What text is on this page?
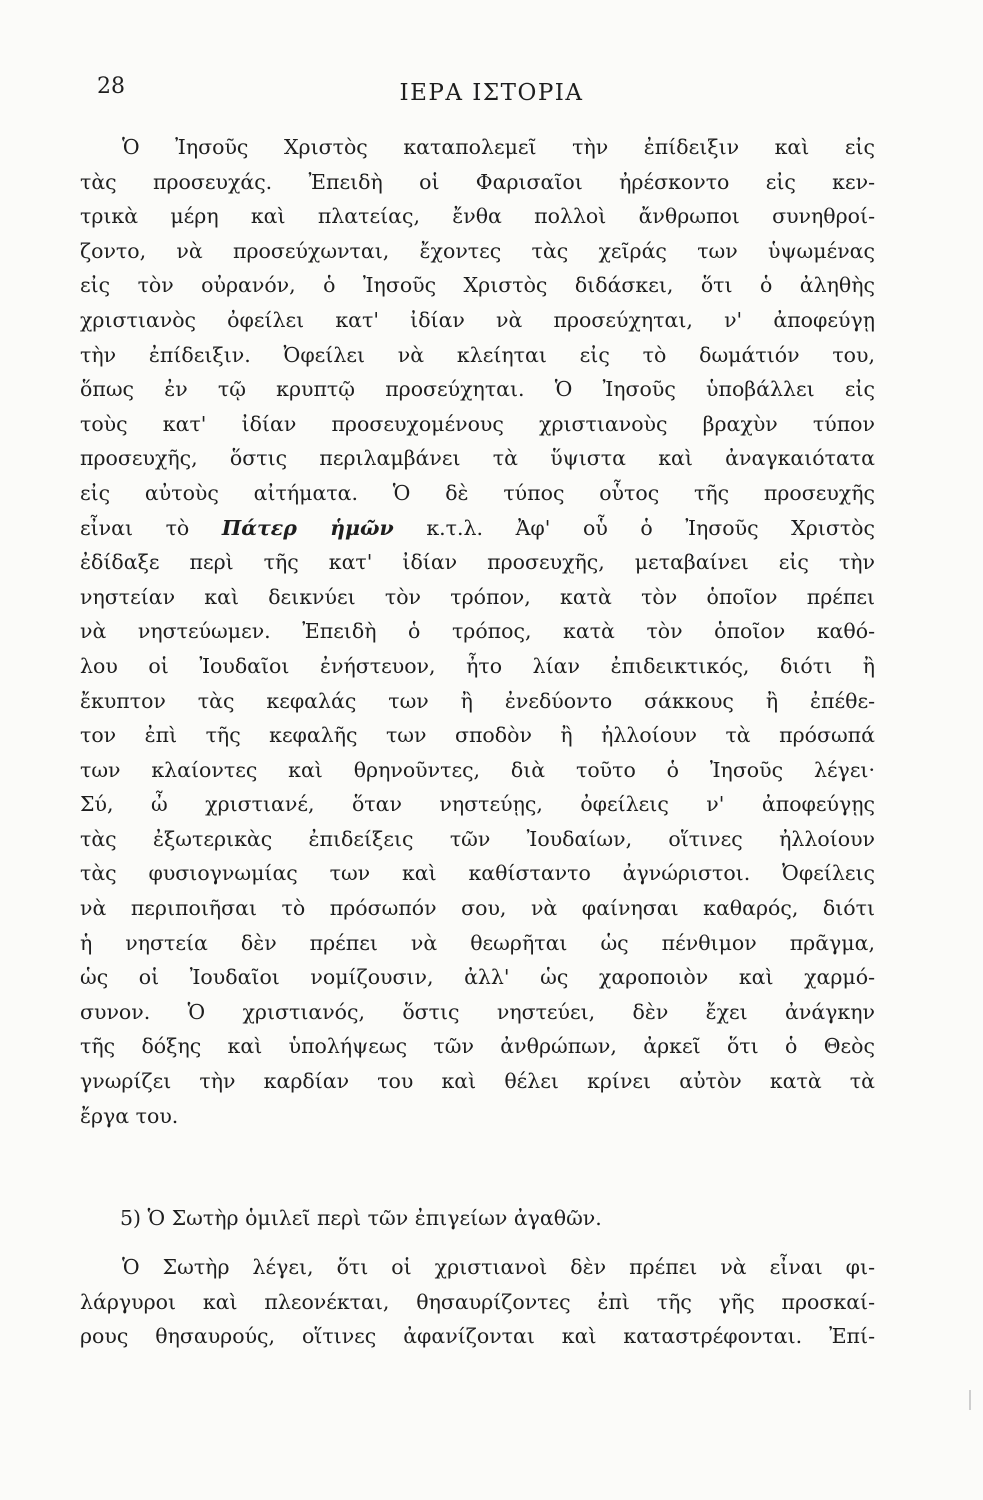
28	ΙΕΡΑ ΙΣΤΟΡΙΑ
Ὁ Ἰησοῦς Χριστὸς καταπολεμεῖ τὴν ἐπίδειξιν καὶ εἰς
τὰς προσευχάς. Ἐπειδὴ οἱ Φαρισαῖοι ἠρέσκοντο εἰς κεν-
τρικὰ μέρη καὶ πλατείας, ἔνθα πολλοὶ ἄνθρωποι συνηθροί-
ζοντο, νὰ προσεύχωνται, ἔχοντες τὰς χεῖράς των ὑψωμένας
εἰς τὸν οὐρανόν, ὁ Ἰησοῦς Χριστὸς διδάσκει, ὅτι ὁ ἀληθὴς
χριστιανὸς ὀφείλει κατ' ἰδίαν νὰ προσεύχηται, ν' ἀποφεύγῃ
τὴν ἐπίδειξιν. Ὀφείλει νὰ κλείηται εἰς τὸ δωμάτιόν του,
ὅπως ἐν τῷ κρυπτῷ προσεύχηται. Ὁ Ἰησοῦς ὑποβάλλει εἰς
τοὺς κατ' ἰδίαν προσευχομένους χριστιανοὺς βραχὺν τύπον
προσευχῆς, ὅστις περιλαμβάνει τὰ ὕψιστα καὶ ἀναγκαιότατα
εἰς αὐτοὺς αἰτήματα. Ὁ δὲ τύπος οὗτος τῆς προσευχῆς
εἶναι τὸ Πάτερ ἡμῶν κ.τ.λ. Ἀφ' οὗ ὁ Ἰησοῦς Χριστὸς
ἐδίδαξε περὶ τῆς κατ' ἰδίαν προσευχῆς, μεταβαίνει εἰς τὴν
νηστείαν καὶ δεικνύει τὸν τρόπον, κατὰ τὸν ὁποῖον πρέπει
νὰ νηστεύωμεν. Ἐπειδὴ ὁ τρόπος, κατὰ τὸν ὁποῖον καθό-
λου οἱ Ἰουδαῖοι ἐνήστευον, ἦτο λίαν ἐπιδεικτικός, διότι ἢ
ἔκυπτον τὰς κεφαλάς των ἢ ἐνεδύοντο σάκκους ἢ ἐπέθε-
τον ἐπὶ τῆς κεφαλῆς των σποδὸν ἢ ἠλλοίουν τὰ πρόσωπά
των κλαίοντες καὶ θρηνοῦντες, διὰ τοῦτο ὁ Ἰησοῦς λέγει·
Σύ, ὦ χριστιανέ, ὅταν νηστεύῃς, ὀφείλεις ν' ἀποφεύγῃς
τὰς ἐξωτερικὰς ἐπιδείξεις τῶν Ἰουδαίων, οἵτινες ἠλλοίουν
τὰς φυσιογνωμίας των καὶ καθίσταντο ἀγνώριστοι. Ὀφείλεις
νὰ περιποιῆσαι τὸ πρόσωπόν σου, νὰ φαίνησαι καθαρός, διότι
ἡ νηστεία δὲν πρέπει νὰ θεωρῆται ὡς πένθιμον πρᾶγμα,
ὡς οἱ Ἰουδαῖοι νομίζουσιν, ἀλλ' ὡς χαροποιὸν καὶ χαρμό-
συνον. Ὁ χριστιανός, ὅστις νηστεύει, δὲν ἔχει ἀνάγκην
τῆς δόξης καὶ ὑπολήψεως τῶν ἀνθρώπων, ἀρκεῖ ὅτι ὁ Θεὸς
γνωρίζει τὴν καρδίαν του καὶ θέλει κρίνει αὐτὸν κατὰ τὰ
ἔργα του.
5) Ὁ Σωτὴρ ὁμιλεῖ περὶ τῶν ἐπιγείων ἀγαθῶν.
Ὁ Σωτὴρ λέγει, ὅτι οἱ χριστιανοὶ δὲν πρέπει νὰ εἶναι φι-
λάργυροι καὶ πλεονέκται, θησαυρίζοντες ἐπὶ τῆς γῆς προσκαί-
ρους θησαυρούς, οἵτινες ἀφανίζονται καὶ καταστρέφονται. Ἐπί-
